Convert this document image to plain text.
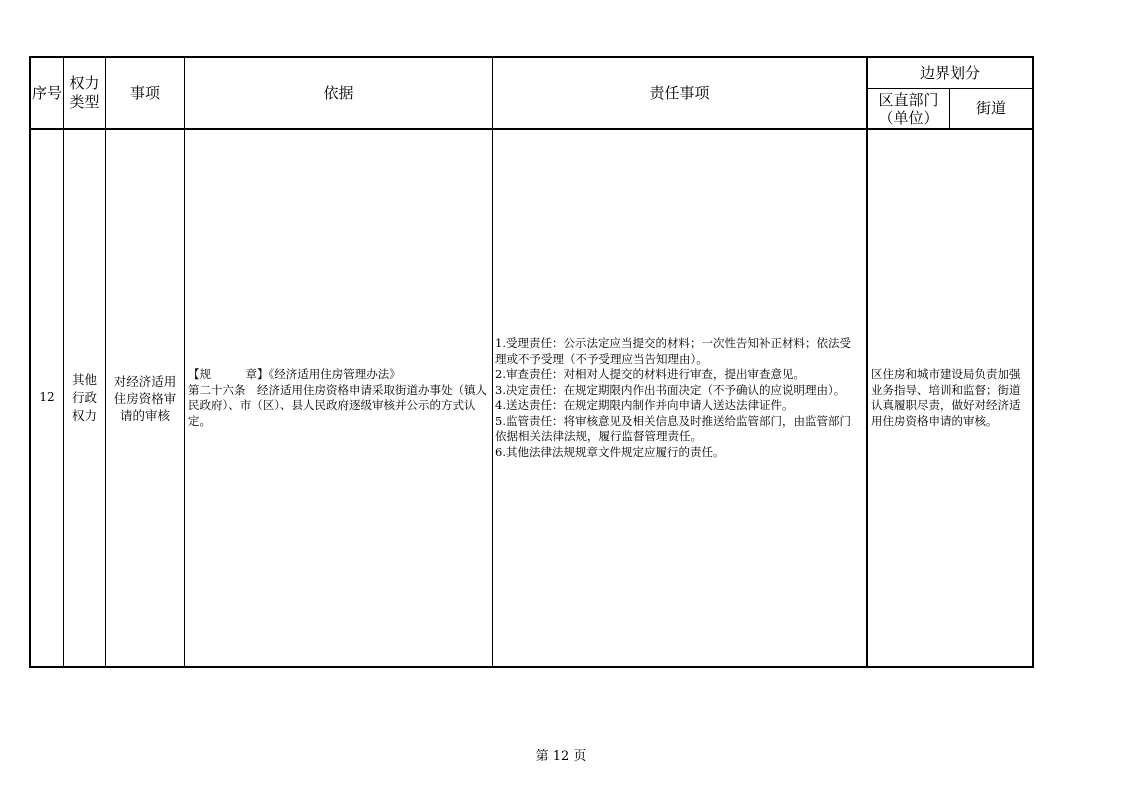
序号
权力
类型
事项	依据	责任事项
边界划分
区直部门
（单位）
街道
12
其他
行政
权力
对经济适用
住房资格审
请的审核
【规　　　章】《经济适用住房管理办法》
第二十六条　经济适用住房资格申请采取街道办事处（镇人民政府）、市（区）、县人民政府逐级审核并公示的方式认定。
1.受理责任：公示法定应当提交的材料；一次性告知补正材料；依法受理或不予受理（不予受理应当告知理由）。
2.审查责任：对相对人提交的材料进行审查，提出审查意见。
3.决定责任：在规定期限内作出书面决定（不予确认的应说明理由）。
4.送达责任：在规定期限内制作并向申请人送达法律证件。
5.监管责任：将审核意见及相关信息及时推送给监管部门，由监管部门依据相关法律法规，履行监督管理责任。
6.其他法律法规规章文件规定应履行的责任。
区住房和城市建设局负责加强业务指导、培训和监督；街道认真履职尽责，做好对经济适用住房资格申请的审核。
第 12 页
